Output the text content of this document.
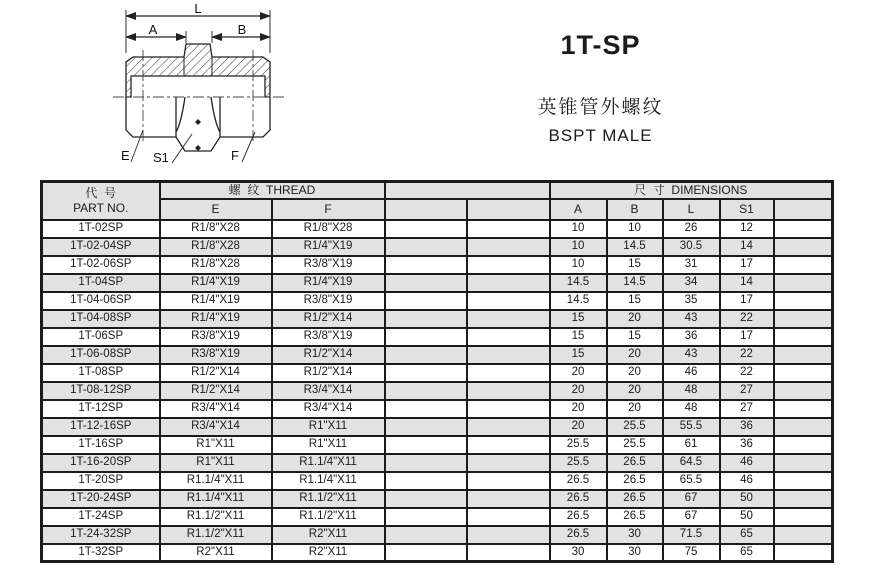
L
A	B
E S1	F
1T-SP
英锥管外螺纹
BSPT MALE
代  号
PART NO.	螺  纹  THREAD				尺  寸  DIMENSIONS				
	E	F			A	B	L	S1	
1T-02SP	R1/8"X28	R1/8"X28			10	10	26	12	
1T-02-04SP	R1/8"X28	R1/4"X19			10	14.5	30.5	14	
1T-02-06SP	R1/8"X28	R3/8"X19			10	15	31	17	
1T-04SP	R1/4"X19	R1/4"X19			14.5	14.5	34	14	
1T-04-06SP	R1/4"X19	R3/8"X19			14.5	15	35	17	
1T-04-08SP	R1/4"X19	R1/2"X14			15	20	43	22	
1T-06SP	R3/8"X19	R3/8"X19			15	15	36	17	
1T-06-08SP	R3/8"X19	R1/2"X14			15	20	43	22	
1T-08SP	R1/2"X14	R1/2"X14			20	20	46	22	
1T-08-12SP	R1/2"X14	R3/4"X14			20	20	48	27	
1T-12SP	R3/4"X14	R3/4"X14			20	20	48	27	
1T-12-16SP	R3/4"X14	R1"X11			20	25.5	55.5	36	
1T-16SP	R1"X11	R1"X11			25.5	25.5	61	36	
1T-16-20SP	R1"X11	R1.1/4"X11			25.5	26.5	64.5	46	
1T-20SP	R1.1/4"X11	R1.1/4"X11			26.5	26.5	65.5	46	
1T-20-24SP	R1.1/4"X11	R1.1/2"X11			26.5	26.5	67	50	
1T-24SP	R1.1/2"X11	R1.1/2"X11			26.5	26.5	67	50	
1T-24-32SP	R1.1/2"X11	R2"X11			26.5	30	71.5	65	
1T-32SP	R2"X11	R2"X11			30	30	75	65	
